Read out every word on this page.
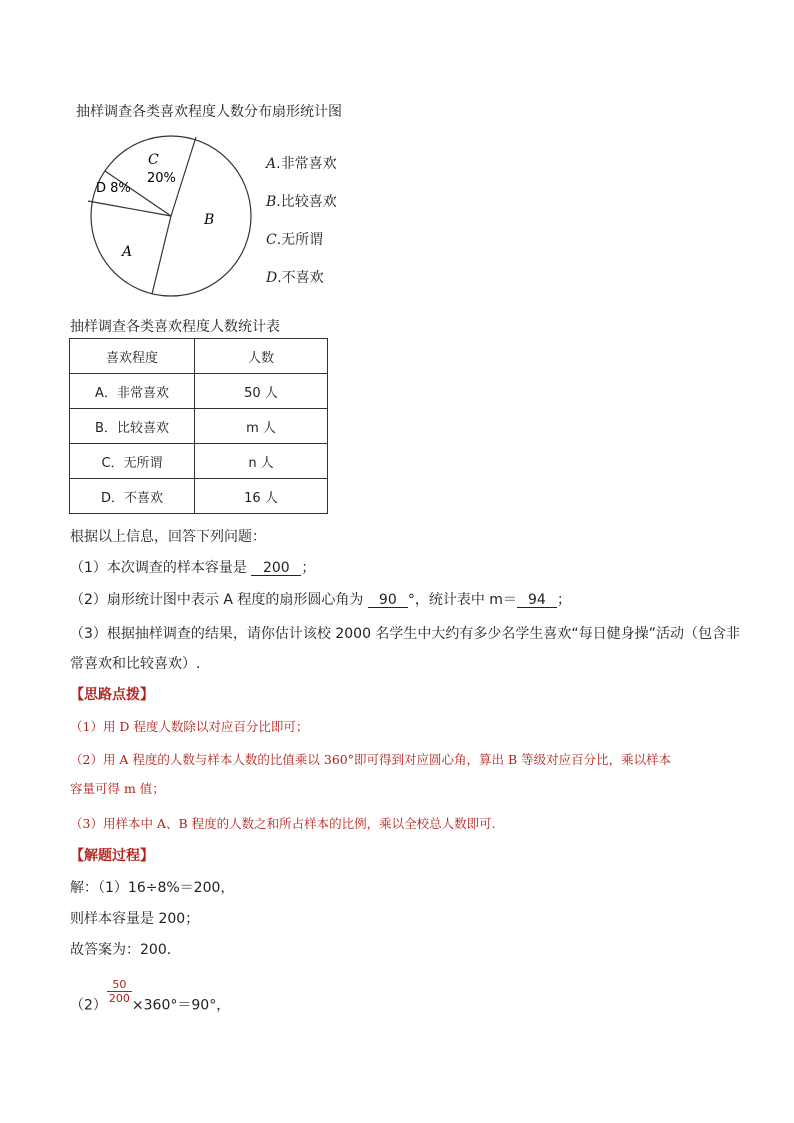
抽样调查各类喜欢程度人数分布扇形统计图
C
20%
D 8%
B
A
A.非常喜欢
B.比较喜欢
C.无所谓
D.不喜欢
抽样调查各类喜欢程度人数统计表
喜欢程度	人数
A．非常喜欢	50 人
B．比较喜欢	m 人
C．无所谓	n 人
D．不喜欢	16 人
根据以上信息，回答下列问题：
（1）本次调查的样本容量是 200 ；
（2）扇形统计图中表示 A 程度的扇形圆心角为 90 °，统计表中 m＝ 94 ；
（3）根据抽样调查的结果，请你估计该校 2000 名学生中大约有多少名学生喜欢“每日健身操”活动（包含非
常喜欢和比较喜欢）.
【思路点拨】
（1）用 D 程度人数除以对应百分比即可；
（2）用 A 程度的人数与样本人数的比值乘以 360°即可得到对应圆心角，算出 B 等级对应百分比，乘以样本
容量可得 m 值；
（3）用样本中 A、B 程度的人数之和所占样本的比例，乘以全校总人数即可.
【解题过程】
解：（1）16÷8%＝200，
则样本容量是 200；
故答案为：200．
（2）
$\frac{50}{200}$
×360°＝90°，
